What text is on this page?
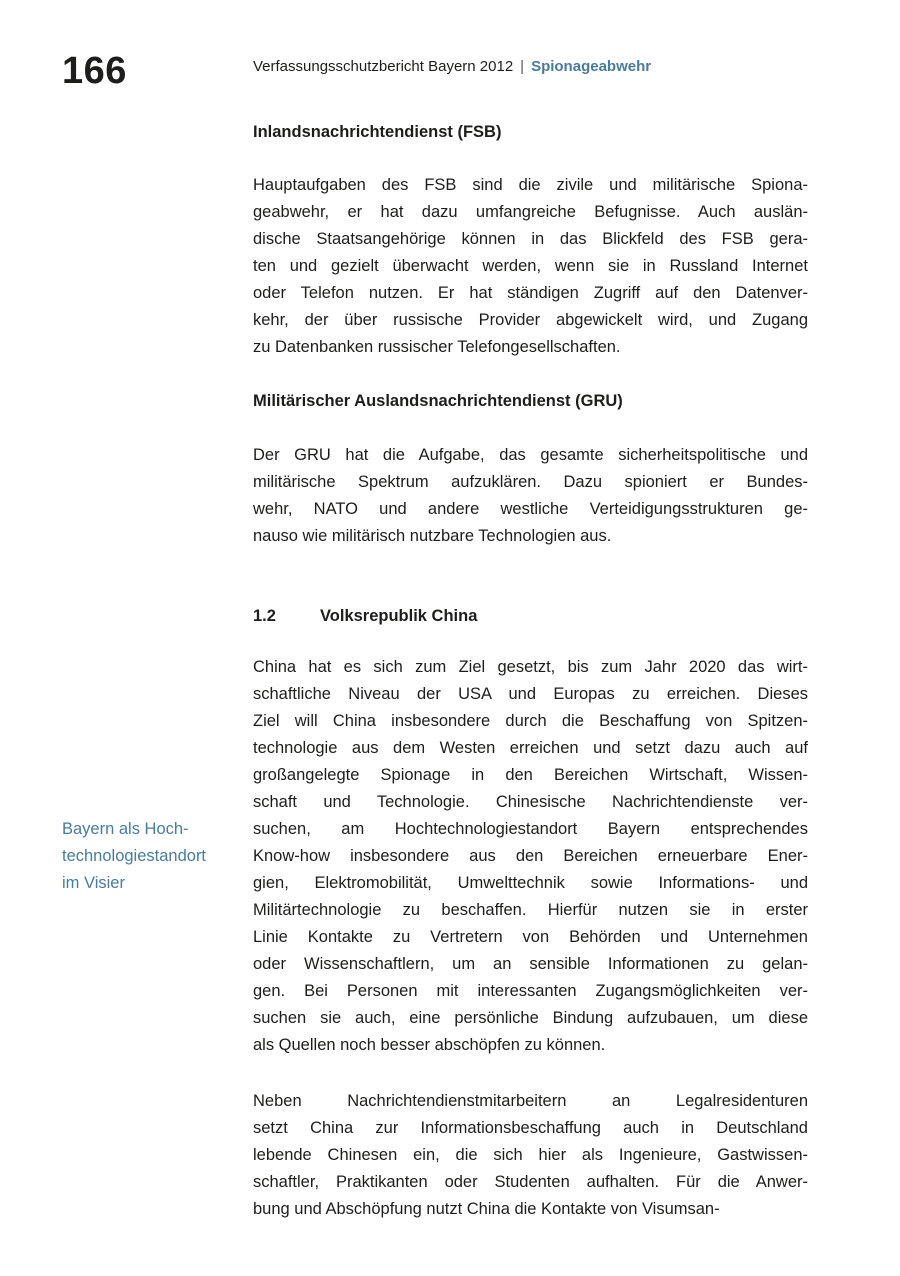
166	Verfassungsschutzbericht Bayern 2012 | Spionageabwehr
Bayern als Hoch-
technologiestandort
im Visier
Inlandsnachrichtendienst (FSB)
Hauptaufgaben des FSB sind die zivile und militärische Spiona-
geabwehr, er hat dazu umfangreiche Befugnisse. Auch auslän-
dische Staatsangehörige können in das Blickfeld des FSB gera-
ten und gezielt überwacht werden, wenn sie in Russland Internet
oder Telefon nutzen. Er hat ständigen Zugriff auf den Datenver-
kehr, der über russische Provider abgewickelt wird, und Zugang
zu Datenbanken russischer Telefongesellschaften.
Militärischer Auslandsnachrichtendienst (GRU)
Der GRU hat die Aufgabe, das gesamte sicherheitspolitische und
militärische Spektrum aufzuklären. Dazu spioniert er Bundes-
wehr, NATO und andere westliche Verteidigungsstrukturen ge-
nauso wie militärisch nutzbare Technologien aus.
1.2	Volksrepublik China
China hat es sich zum Ziel gesetzt, bis zum Jahr 2020 das wirt-
schaftliche Niveau der USA und Europas zu erreichen. Dieses
Ziel will China insbesondere durch die Beschaffung von Spitzen-
technologie aus dem Westen erreichen und setzt dazu auch auf
großangelegte Spionage in den Bereichen Wirtschaft, Wissen-
schaft und Technologie. Chinesische Nachrichtendienste ver-
suchen, am Hochtechnologiestandort Bayern entsprechendes
Know-how insbesondere aus den Bereichen erneuerbare Ener-
gien, Elektromobilität, Umwelttechnik sowie Informations- und
Militärtechnologie zu beschaffen. Hierfür nutzen sie in erster
Linie Kontakte zu Vertretern von Behörden und Unternehmen
oder Wissenschaftlern, um an sensible Informationen zu gelan-
gen. Bei Personen mit interessanten Zugangsmöglichkeiten ver-
suchen sie auch, eine persönliche Bindung aufzubauen, um diese
als Quellen noch besser abschöpfen zu können.
Neben Nachrichtendienstmitarbeitern an Legalresidenturen
setzt China zur Informationsbeschaffung auch in Deutschland
lebende Chinesen ein, die sich hier als Ingenieure, Gastwissen-
schaftler, Praktikanten oder Studenten aufhalten. Für die Anwer-
bung und Abschöpfung nutzt China die Kontakte von Visumsan-
